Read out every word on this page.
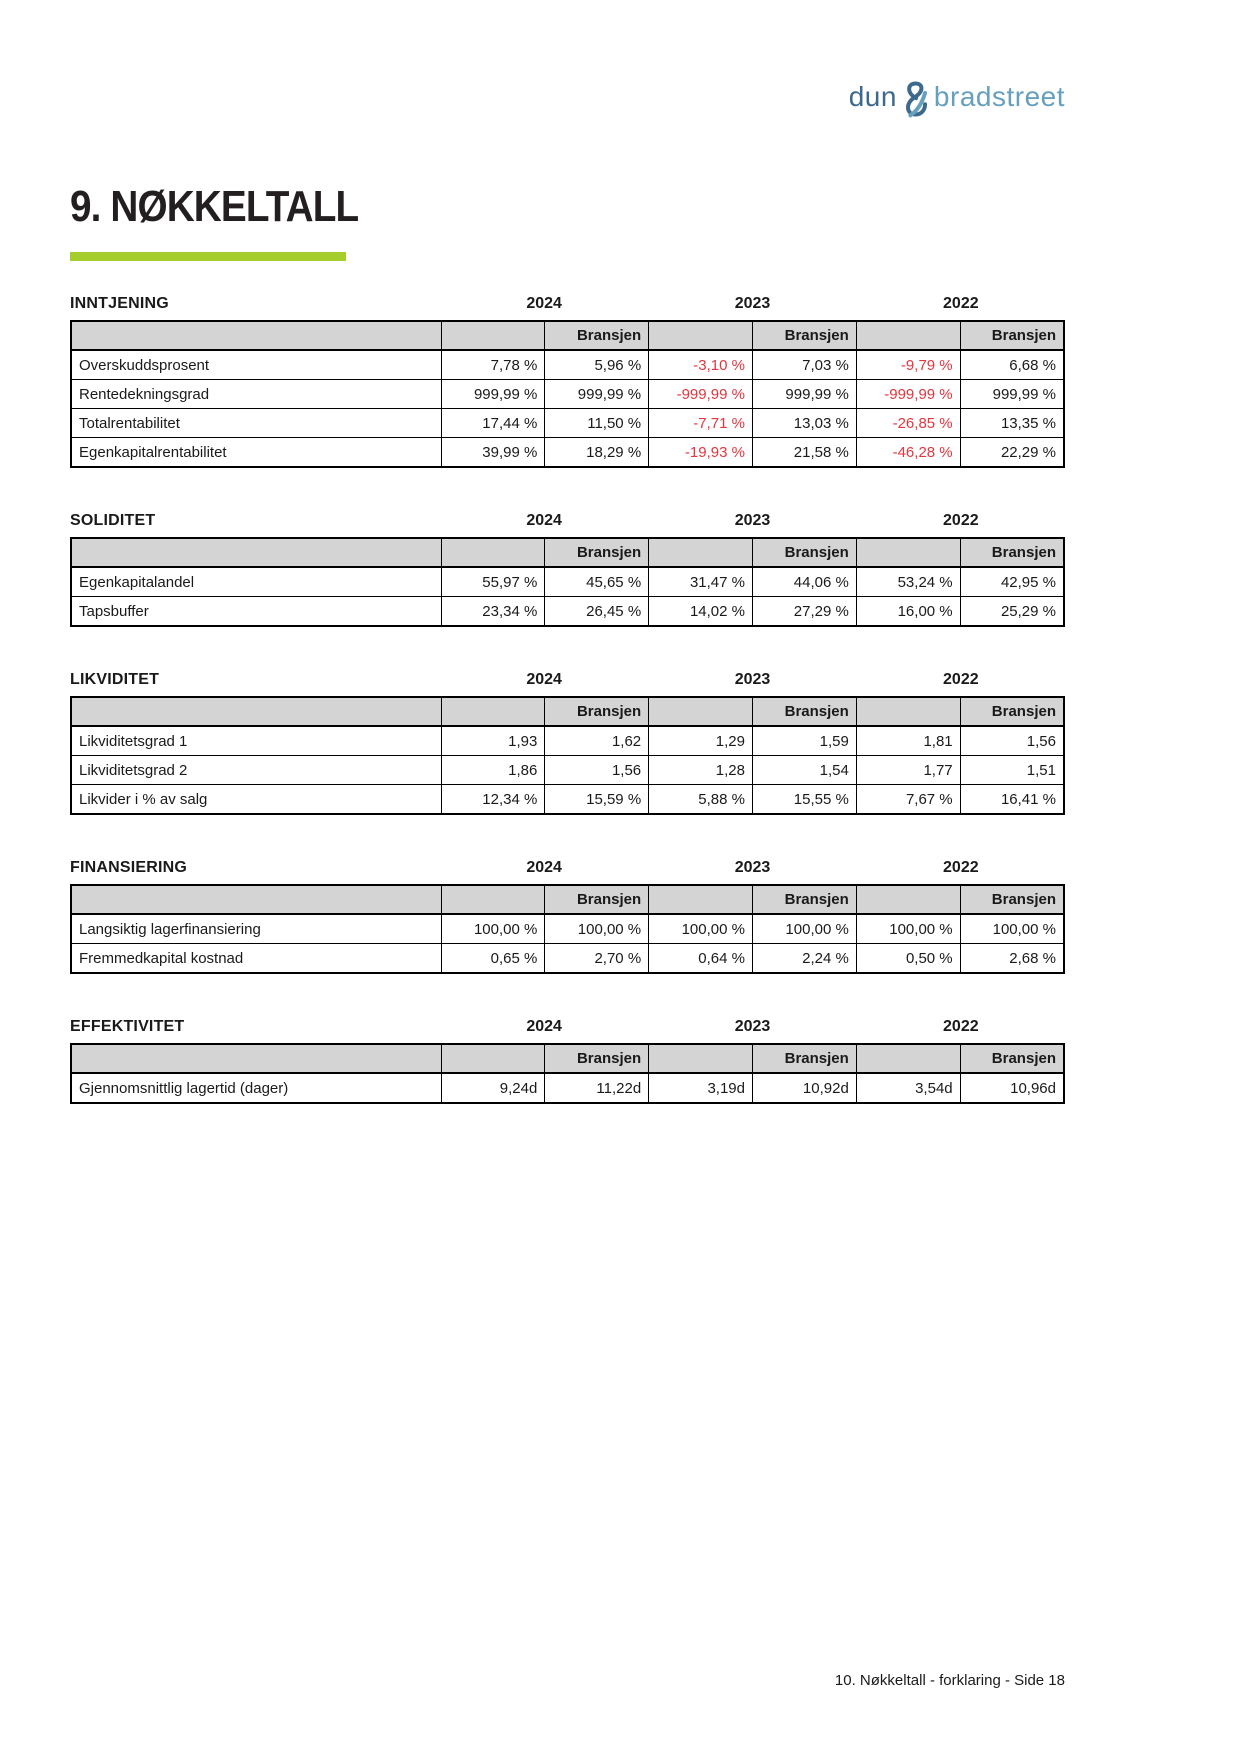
dun bradstreet
9. NØKKELTALL
INNTJENING	2024	2023	2022
		Bransjen		Bransjen		Bransjen
Overskuddsprosent	7,78 %	5,96 %	-3,10 %	7,03 %	-9,79 %	6,68 %
Rentedekningsgrad	999,99 %	999,99 %	-999,99 %	999,99 %	-999,99 %	999,99 %
Totalrentabilitet	17,44 %	11,50 %	-7,71 %	13,03 %	-26,85 %	13,35 %
Egenkapitalrentabilitet	39,99 %	18,29 %	-19,93 %	21,58 %	-46,28 %	22,29 %
SOLIDITET	2024	2023	2022
		Bransjen		Bransjen		Bransjen
Egenkapitalandel	55,97 %	45,65 %	31,47 %	44,06 %	53,24 %	42,95 %
Tapsbuffer	23,34 %	26,45 %	14,02 %	27,29 %	16,00 %	25,29 %
LIKVIDITET	2024	2023	2022
		Bransjen		Bransjen		Bransjen
Likviditetsgrad 1	1,93	1,62	1,29	1,59	1,81	1,56
Likviditetsgrad 2	1,86	1,56	1,28	1,54	1,77	1,51
Likvider i % av salg	12,34 %	15,59 %	5,88 %	15,55 %	7,67 %	16,41 %
FINANSIERING	2024	2023	2022
		Bransjen		Bransjen		Bransjen
Langsiktig lagerfinansiering	100,00 %	100,00 %	100,00 %	100,00 %	100,00 %	100,00 %
Fremmedkapital kostnad	0,65 %	2,70 %	0,64 %	2,24 %	0,50 %	2,68 %
EFFEKTIVITET	2024	2023	2022
		Bransjen		Bransjen		Bransjen
Gjennomsnittlig lagertid (dager)	9,24d	11,22d	3,19d	10,92d	3,54d	10,96d
10. Nøkkeltall - forklaring - Side 18
